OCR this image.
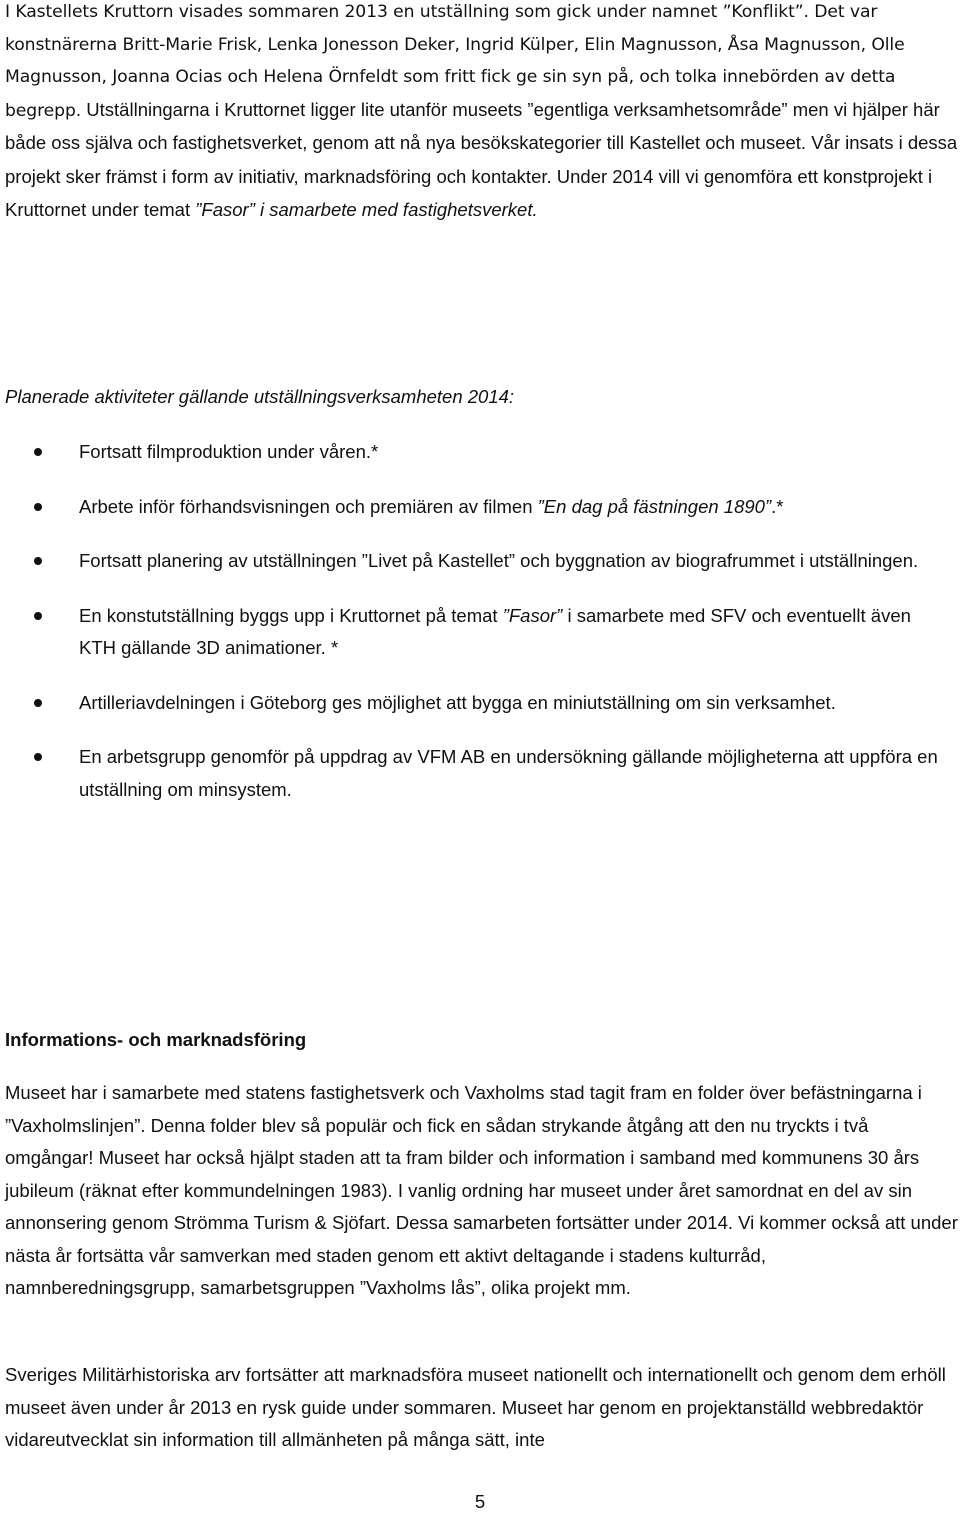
I Kastellets Kruttorn visades sommaren 2013 en utställning som gick under namnet ”Konflikt”. Det var konstnärerna Britt-Marie Frisk, Lenka Jonesson Deker, Ingrid Külper, Elin Magnusson, Åsa Magnusson, Olle Magnusson, Joanna Ocias och Helena Örnfeldt som fritt fick ge sin syn på, och tolka innebörden av detta begrepp. Utställningarna i Kruttornet ligger lite utanför museets ”egentliga verksamhetsområde” men vi hjälper här både oss själva och fastighetsverket, genom att nå nya besökskategorier till Kastellet och museet. Vår insats i dessa projekt sker främst i form av initiativ, marknadsföring och kontakter. Under 2014 vill vi genomföra ett konstprojekt i Kruttornet under temat ”Fasor” i samarbete med fastighetsverket.

Planerade aktiviteter gällande utställningsverksamheten 2014:

Fortsatt filmproduktion under våren.*
Arbete inför förhandsvisningen och premiären av filmen ”En dag på fästningen 1890”.*
Fortsatt planering av utställningen ”Livet på Kastellet” och byggnation av biografrummet i utställningen.
En konstutställning byggs upp i Kruttornet på temat ”Fasor” i samarbete med SFV och eventuellt även KTH gällande 3D animationer. *
Artilleriavdelningen i Göteborg ges möjlighet att bygga en miniutställning om sin verksamhet.
En arbetsgrupp genomför på uppdrag av VFM AB en undersökning gällande möjligheterna att uppföra en utställning om minsystem.

Informations- och marknadsföring

Museet har i samarbete med statens fastighetsverk och Vaxholms stad tagit fram en folder över befästningarna i ”Vaxholmslinjen”. Denna folder blev så populär och fick en sådan strykande åtgång att den nu tryckts i två omgångar! Museet har också hjälpt staden att ta fram bilder och information i samband med kommunens 30 års jubileum (räknat efter kommundelningen 1983). I vanlig ordning har museet under året samordnat en del av sin annonsering genom Strömma Turism & Sjöfart. Dessa samarbeten fortsätter under 2014. Vi kommer också att under nästa år fortsätta vår samverkan med staden genom ett aktivt deltagande i stadens kulturråd, namnberedningsgrupp, samarbetsgruppen ”Vaxholms lås”, olika projekt mm.

Sveriges Militärhistoriska arv fortsätter att marknadsföra museet nationellt och internationellt och genom dem erhöll museet även under år 2013 en rysk guide under sommaren. Museet har genom en projektanställd webbredaktör vidareutvecklat sin information till allmänheten på många sätt, inte

5
